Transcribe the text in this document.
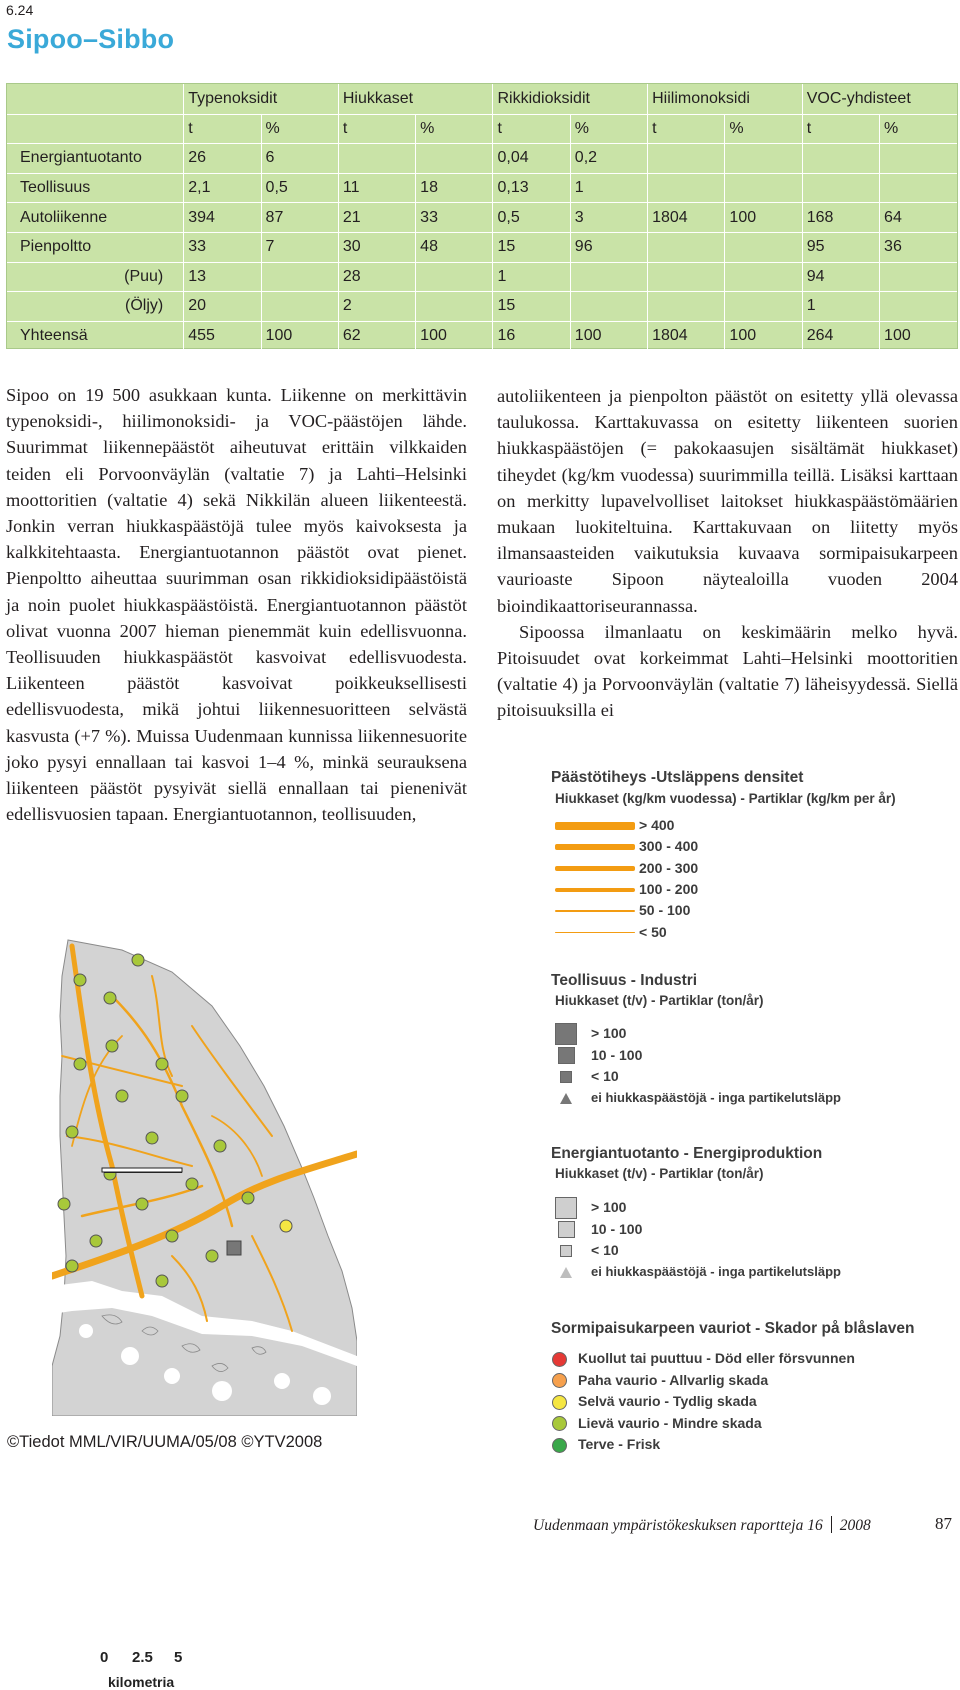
6.24
Sipoo–Sibbo
	Typenoksidit		Hiukkaset		Rikkidioksidit		Hiilimonoksidi		VOC-yhdisteet	
	t	%	t	%	t	%	t	%	t	%
Energiantuotanto	26	6			0,04	0,2				
Teollisuus	2,1	0,5	11	18	0,13	1				
Autoliikenne	394	87	21	33	0,5	3	1804	100	168	64
Pienpoltto	33	7	30	48	15	96			95	36
(Puu)	13		28		1				94	
(Öljy)	20		2		15				1	
Yhteensä	455	100	62	100	16	100	1804	100	264	100

Sipoo on 19 500 asukkaan kunta. Liikenne on merkittävin typenoksidi-, hiilimonoksidi- ja VOC-päästöjen lähde. Suurimmat liikennepäästöt aiheutuvat erittäin vilkkaiden teiden eli Porvoonväylän (valtatie 7) ja Lahti–Helsinki moottoritien (valtatie 4) sekä Nikkilän alueen liikenteestä. Jonkin verran hiukkaspäästöjä tulee myös kaivoksesta ja kalkkitehtaasta. Energiantuotannon päästöt ovat pienet. Pienpoltto aiheuttaa suurimman osan rikkidioksidipäästöistä ja noin puolet hiukkaspäästöistä. Energiantuotannon päästöt olivat vuonna 2007 hieman pienemmät kuin edellisvuonna. Teollisuuden hiukkaspäästöt kasvoivat edellisvuodesta. Liikenteen päästöt kasvoivat poikkeuksellisesti edellisvuodesta, mikä johtui liikennesuoritteen selvästä kasvusta (+7 %). Muissa Uudenmaan kunnissa liikennesuorite joko pysyi ennallaan tai kasvoi 1–4 %, minkä seurauksena liikenteen päästöt pysyivät siellä ennallaan tai pienenivät edellisvuosien tapaan. Energiantuotannon, teollisuuden,

autoliikenteen ja pienpolton päästöt on esitetty yllä olevassa taulukossa. Karttakuvassa on esitetty liikenteen suorien hiukkaspäästöjen (= pakokaasujen sisältämät hiukkaset) tiheydet (kg/km vuodessa) suurimmilla teillä. Lisäksi karttaan on merkitty lupavelvolliset laitokset hiukkaspäästömäärien mukaan luokiteltuina. Karttakuvaan on liitetty myös ilmansaasteiden vaikutuksia kuvaava sormipaisukarpeen vaurioaste Sipoon näytealoilla vuoden 2004 bioindikaattoriseurannassa.

Sipoossa ilmanlaatu on keskimäärin melko hyvä. Pitoisuudet ovat korkeimmat Lahti–Helsinki moottoritien (valtatie 4) ja Porvoonväylän (valtatie 7) läheisyydessä. Siellä pitoisuuksilla ei

0 2.5 5
kilometria
Päästötiheys -Utsläppens densitet
Hiukkaset (kg/km vuodessa) - Partiklar (kg/km per år)
> 400
300 - 400
200 - 300
100 - 200
50 - 100
< 50
Teollisuus - Industri
Hiukkaset (t/v) - Partiklar (ton/år)
> 100
10 - 100
< 10
ei hiukkaspäästöjä - inga partikelutsläpp
Energiantuotanto - Energiproduktion
Hiukkaset (t/v) - Partiklar (ton/år)
> 100
10 - 100
< 10
ei hiukkaspäästöjä - inga partikelutsläpp
Sormipaisukarpeen vauriot - Skador på blåslaven
Kuollut tai puuttuu - Död eller försvunnen
Paha vaurio - Allvarlig skada
Selvä vaurio - Tydlig skada
Lievä vaurio - Mindre skada
Terve - Frisk
©Tiedot MML/VIR/UUMA/05/08 ©YTV2008
Uudenmaan ympäristökeskuksen raportteja 16 2008	87
